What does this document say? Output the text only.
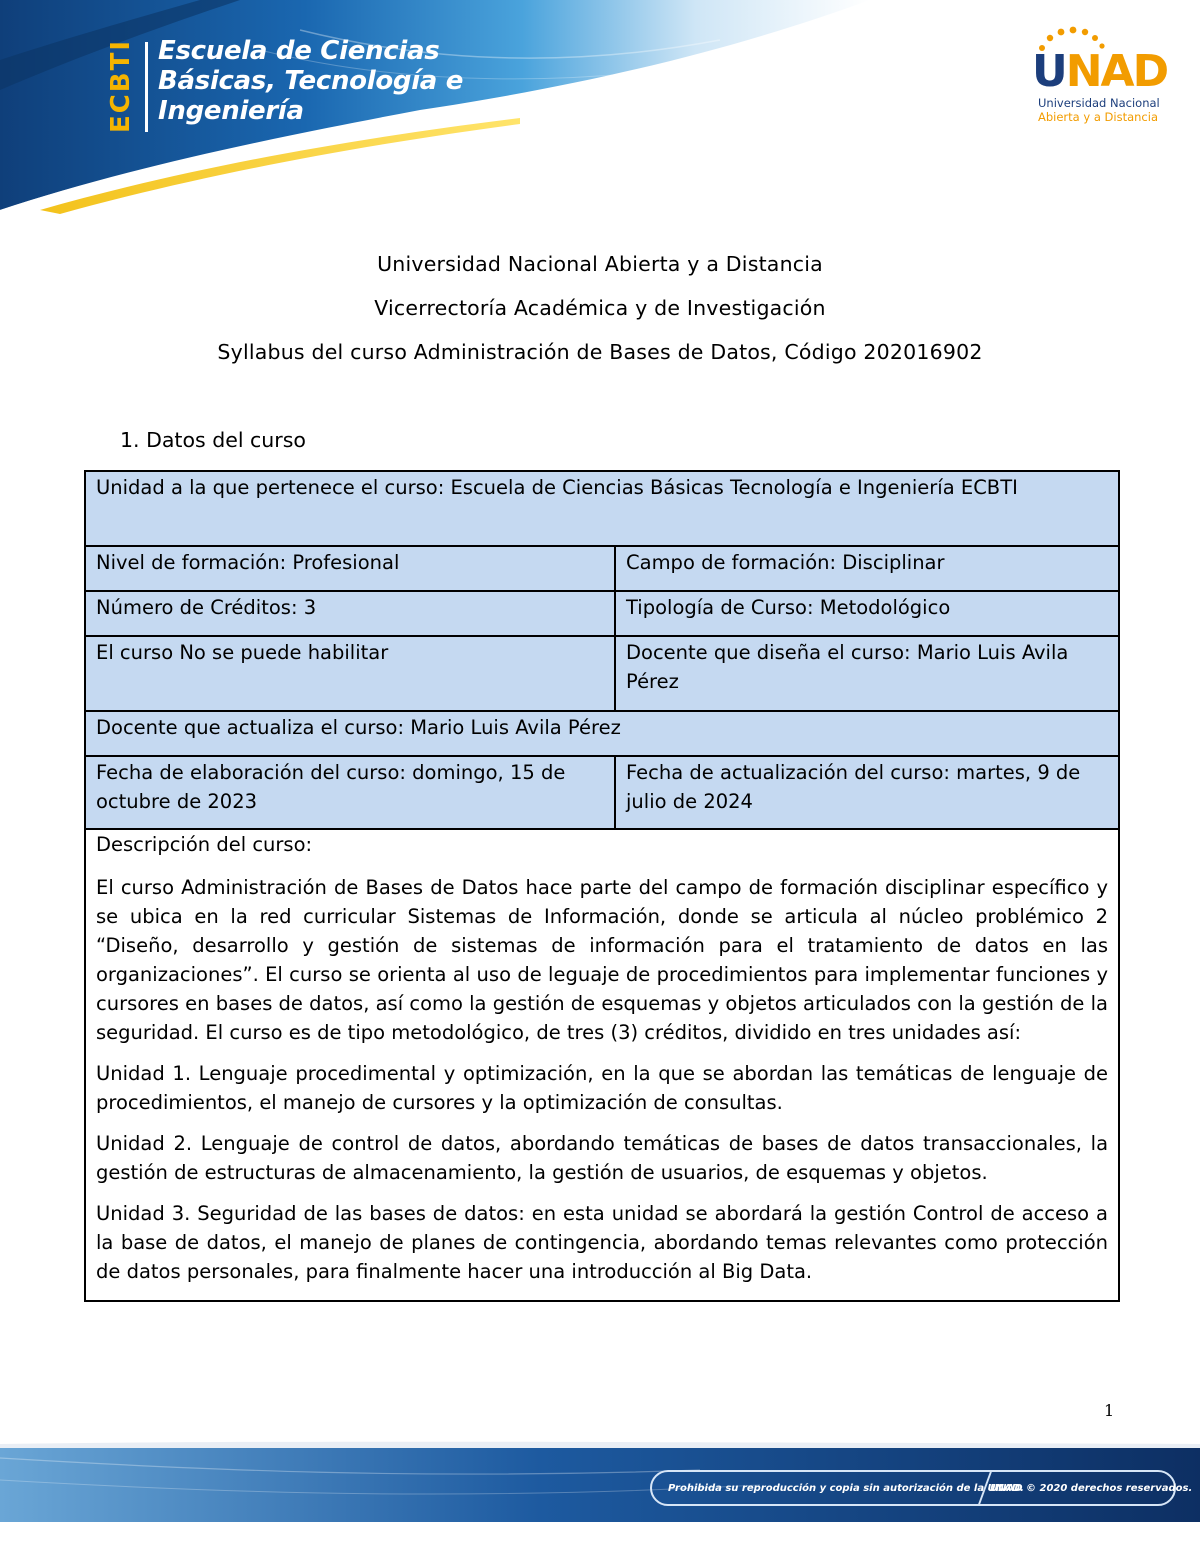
ECBTI Escuela de Ciencias
Básicas, Tecnología e
Ingeniería
UNAD
Universidad Nacional
Abierta y a Distancia
Universidad Nacional Abierta y a Distancia
Vicerrectoría Académica y de Investigación
Syllabus del curso Administración de Bases de Datos, Código 202016902
1. Datos del curso
Unidad a la que pertenece el curso: Escuela de Ciencias Básicas Tecnología e Ingeniería ECBTI	
Nivel de formación: Profesional	Campo de formación: Disciplinar
Número de Créditos: 3	Tipología de Curso: Metodológico
El curso No se puede habilitar	Docente que diseña el curso: Mario Luis Avila Pérez
Docente que actualiza el curso: Mario Luis Avila Pérez	
Fecha de elaboración del curso: domingo, 15 de octubre de 2023	Fecha de actualización del curso: martes, 9 de julio de 2024

Descripción del curso:

El curso Administración de Bases de Datos hace parte del campo de formación disciplinar específico y se ubica en la red curricular Sistemas de Información, donde se articula al núcleo problémico 2 “Diseño, desarrollo y gestión de sistemas de información para el tratamiento de datos en las organizaciones”. El curso se orienta al uso de leguaje de procedimientos para implementar funciones y cursores en bases de datos, así como la gestión de esquemas y objetos articulados con la gestión de la seguridad. El curso es de tipo metodológico, de tres (3) créditos, dividido en tres unidades así:

Unidad 1. Lenguaje procedimental y optimización, en la que se abordan las temáticas de lenguaje de procedimientos, el manejo de cursores y la optimización de consultas.

Unidad 2. Lenguaje de control de datos, abordando temáticas de bases de datos transaccionales, la gestión de estructuras de almacenamiento, la gestión de usuarios, de esquemas y objetos.

Unidad 3. Seguridad de las bases de datos: en esta unidad se abordará la gestión Control de acceso a la base de datos, el manejo de planes de contingencia, abordando temas relevantes como protección de datos personales, para finalmente hacer una introducción al Big Data.	

1
Prohibida su reproducción y copia sin autorización de la UNAD.
UNAD © 2020 derechos reservados.
